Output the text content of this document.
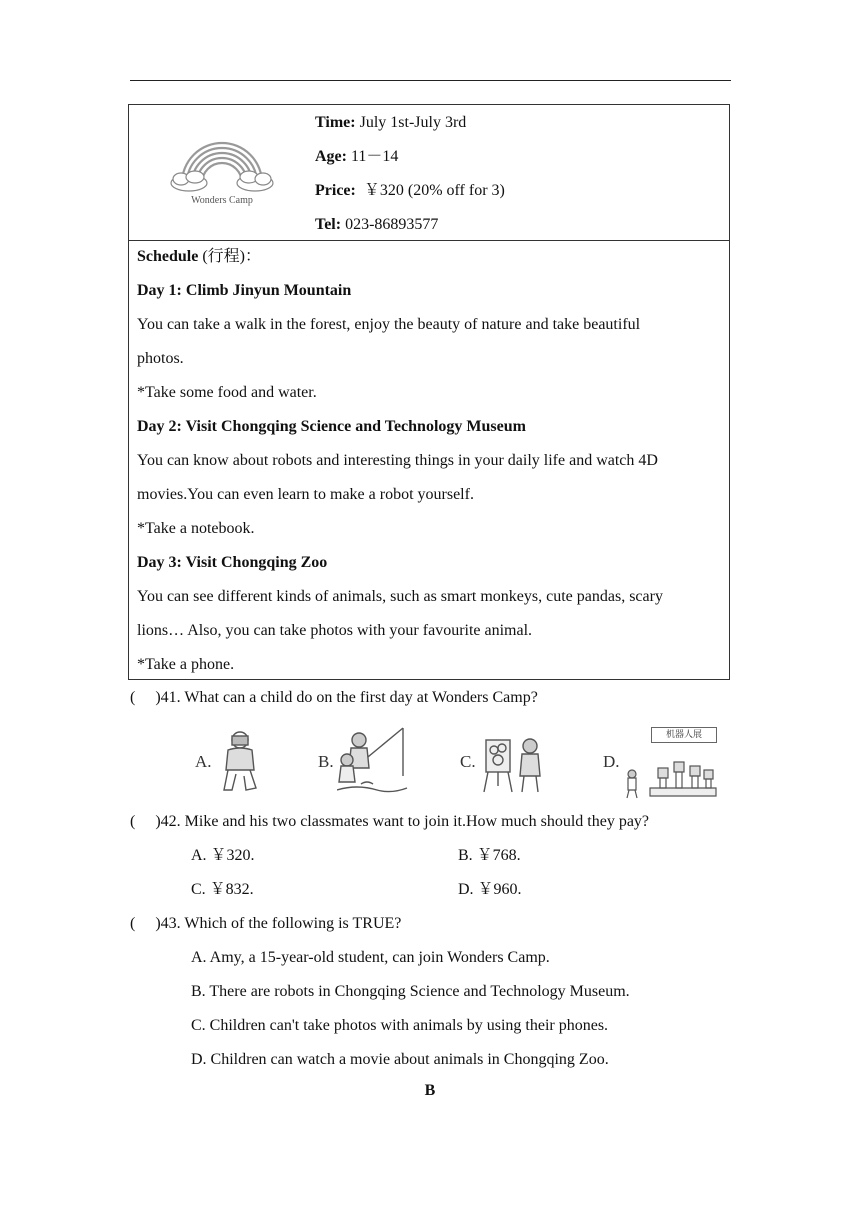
Wonders Camp
Time: July 1st-July 3rd
Age: 11－14
Price:  ￥320 (20% off for 3)
Tel: 023-86893577
Schedule (行程)：
Day 1: Climb Jinyun Mountain
You can take a walk in the forest, enjoy the beauty of nature and take beautiful
photos.
*Take some food and water.
Day 2: Visit Chongqing Science and Technology Museum
You can know about robots and interesting things in your daily life and watch 4D
movies.You can even learn to make a robot yourself.
*Take a notebook.
Day 3: Visit Chongqing Zoo
You can see different kinds of animals, such as smart monkeys, cute pandas, scary
lions… Also, you can take photos with your favourite animal.
*Take a phone.
(     )41. What can a child do on the first day at Wonders Camp?
A.	B.	C.	D.
机器人展
(     )42. Mike and his two classmates want to join it.How much should they pay?
A. ￥320.	B. ￥768.
C. ￥832.	D. ￥960.
(     )43. Which of the following is TRUE?
A. Amy, a 15-year-old student, can join Wonders Camp.
B. There are robots in Chongqing Science and Technology Museum.
C. Children can't take photos with animals by using their phones.
D. Children can watch a movie about animals in Chongqing Zoo.
B
